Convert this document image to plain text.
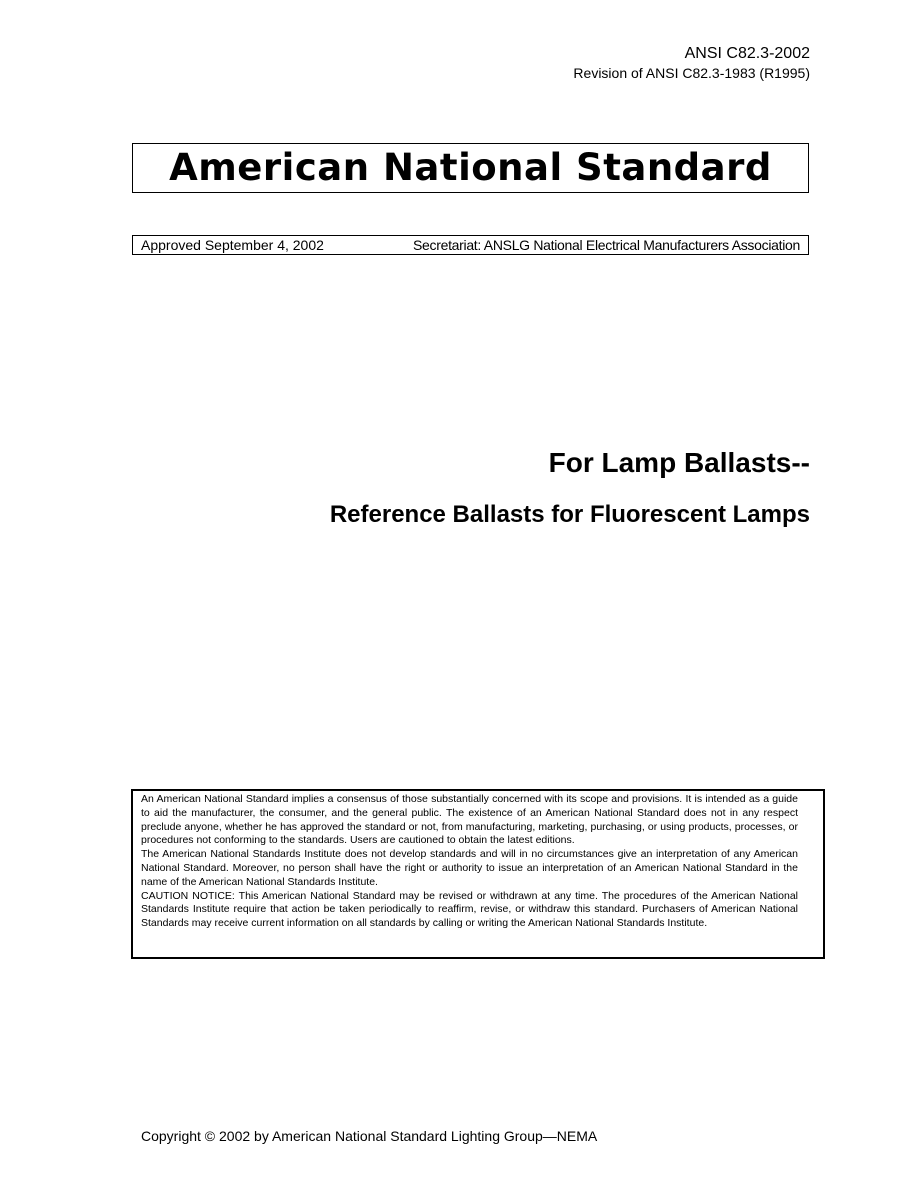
ANSI C82.3-2002
Revision of ANSI C82.3-1983 (R1995)
American National Standard
Approved September 4, 2002	Secretariat: ANSLG National Electrical Manufacturers Association
For Lamp Ballasts--
Reference Ballasts for Fluorescent Lamps

An American National Standard implies a consensus of those substantially concerned with its scope and provisions. It is intended as a guide to aid the manufacturer, the consumer, and the general public. The existence of an American National Standard does not in any respect preclude anyone, whether he has approved the standard or not, from manufacturing, marketing, purchasing, or using products, processes, or procedures not conforming to the standards. Users are cautioned to obtain the latest editions.

The American National Standards Institute does not develop standards and will in no circumstances give an interpretation of any American National Standard. Moreover, no person shall have the right or authority to issue an interpretation of an American National Standard in the name of the American National Standards Institute.

CAUTION NOTICE: This American National Standard may be revised or withdrawn at any time. The procedures of the American National Standards Institute require that action be taken periodically to reaffirm, revise, or withdraw this standard. Purchasers of American National Standards may receive current information on all standards by calling or writing the American National Standards Institute.

Copyright © 2002 by American National Standard Lighting Group—NEMA
